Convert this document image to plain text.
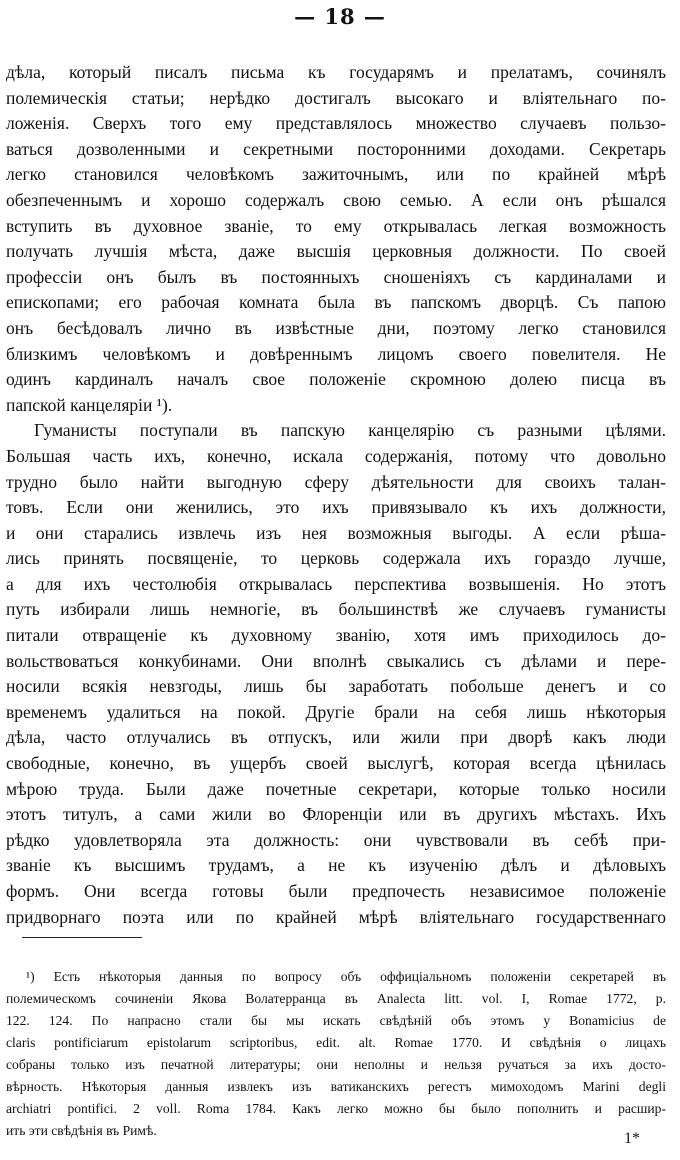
— 18 —
дѣла, который писалъ письма къ государямъ и прелатамъ, сочинялъ
полемическія статьи; нерѣдко достигалъ высокаго и вліятельнаго по-
ложенія. Сверхъ того ему представлялось множество случаевъ пользо-
ваться дозволенными и секретными посторонними доходами. Секретарь
легко становился человѣкомъ зажиточнымъ, или по крайней мѣрѣ
обезпеченнымъ и хорошо содержалъ свою семью. А если онъ рѣшался
вступить въ духовное званіе, то ему открывалась легкая возможность
получать лучшія мѣста, даже высшія церковныя должности. По своей
профессіи онъ былъ въ постоянныхъ сношеніяхъ съ кардиналами и
епископами; его рабочая комната была въ папскомъ дворцѣ. Съ папою
онъ бесѣдовалъ лично въ извѣстные дни, поэтому легко становился
близкимъ человѣкомъ и довѣреннымъ лицомъ своего повелителя. Не
одинъ кардиналъ началъ свое положеніе скромною долею писца въ
папской канцеляріи ¹).
Гуманисты поступали въ папскую канцелярію съ разными цѣлями.
Большая часть ихъ, конечно, искала содержанія, потому что довольно
трудно было найти выгодную сферу дѣятельности для своихъ талан-
товъ. Если они женились, это ихъ привязывало къ ихъ должности,
и они старались извлечь изъ нея возможныя выгоды. А если рѣша-
лись принять посвященіе, то церковь содержала ихъ гораздо лучше,
а для ихъ честолюбія открывалась перспектива возвышенія. Но этотъ
путь избирали лишь немногіе, въ большинствѣ же случаевъ гуманисты
питали отвращеніе къ духовному званію, хотя имъ приходилось до-
вольствоваться конкубинами. Они вполнѣ свыкались съ дѣлами и пере-
носили всякія невзгоды, лишь бы заработать побольше денегъ и со
временемъ удалиться на покой. Другіе брали на себя лишь нѣкоторыя
дѣла, часто отлучались въ отпускъ, или жили при дворѣ какъ люди
свободные, конечно, въ ущербъ своей выслугѣ, которая всегда цѣнилась
мѣрою труда. Были даже почетные секретари, которые только носили
этотъ титулъ, а сами жили во Флоренціи или въ другихъ мѣстахъ. Ихъ
рѣдко удовлетворяла эта должность: они чувствовали въ себѣ при-
званіе къ высшимъ трудамъ, а не къ изученію дѣлъ и дѣловыхъ
формъ. Они всегда готовы были предпочесть независимое положеніе
придворнаго поэта или по крайней мѣрѣ вліятельнаго государственнаго
¹) Есть нѣкоторыя данныя по вопросу объ оффиціальномъ положеніи секретарей въ
полемическомъ сочиненіи Якова Волатерранца въ Analecta litt. vol. I, Romae 1772, p.
122. 124. По напрасно стали бы мы искать свѣдѣній объ этомъ у Bonamicius de
claris pontificiarum epistolarum scriptoribus, edit. alt. Romae 1770. И свѣдѣнія о лицахъ
собраны только изъ печатной литературы; они неполны и нельзя ручаться за ихъ досто-
вѣрность. Нѣкоторыя данныя извлекъ изъ ватиканскихъ регестъ мимоходомъ Marini degli
archiatri pontifici. 2 voll. Roma 1784. Какъ легко можно бы было пополнить и расшир-
ить эти свѣдѣнія въ Римѣ.	1*
